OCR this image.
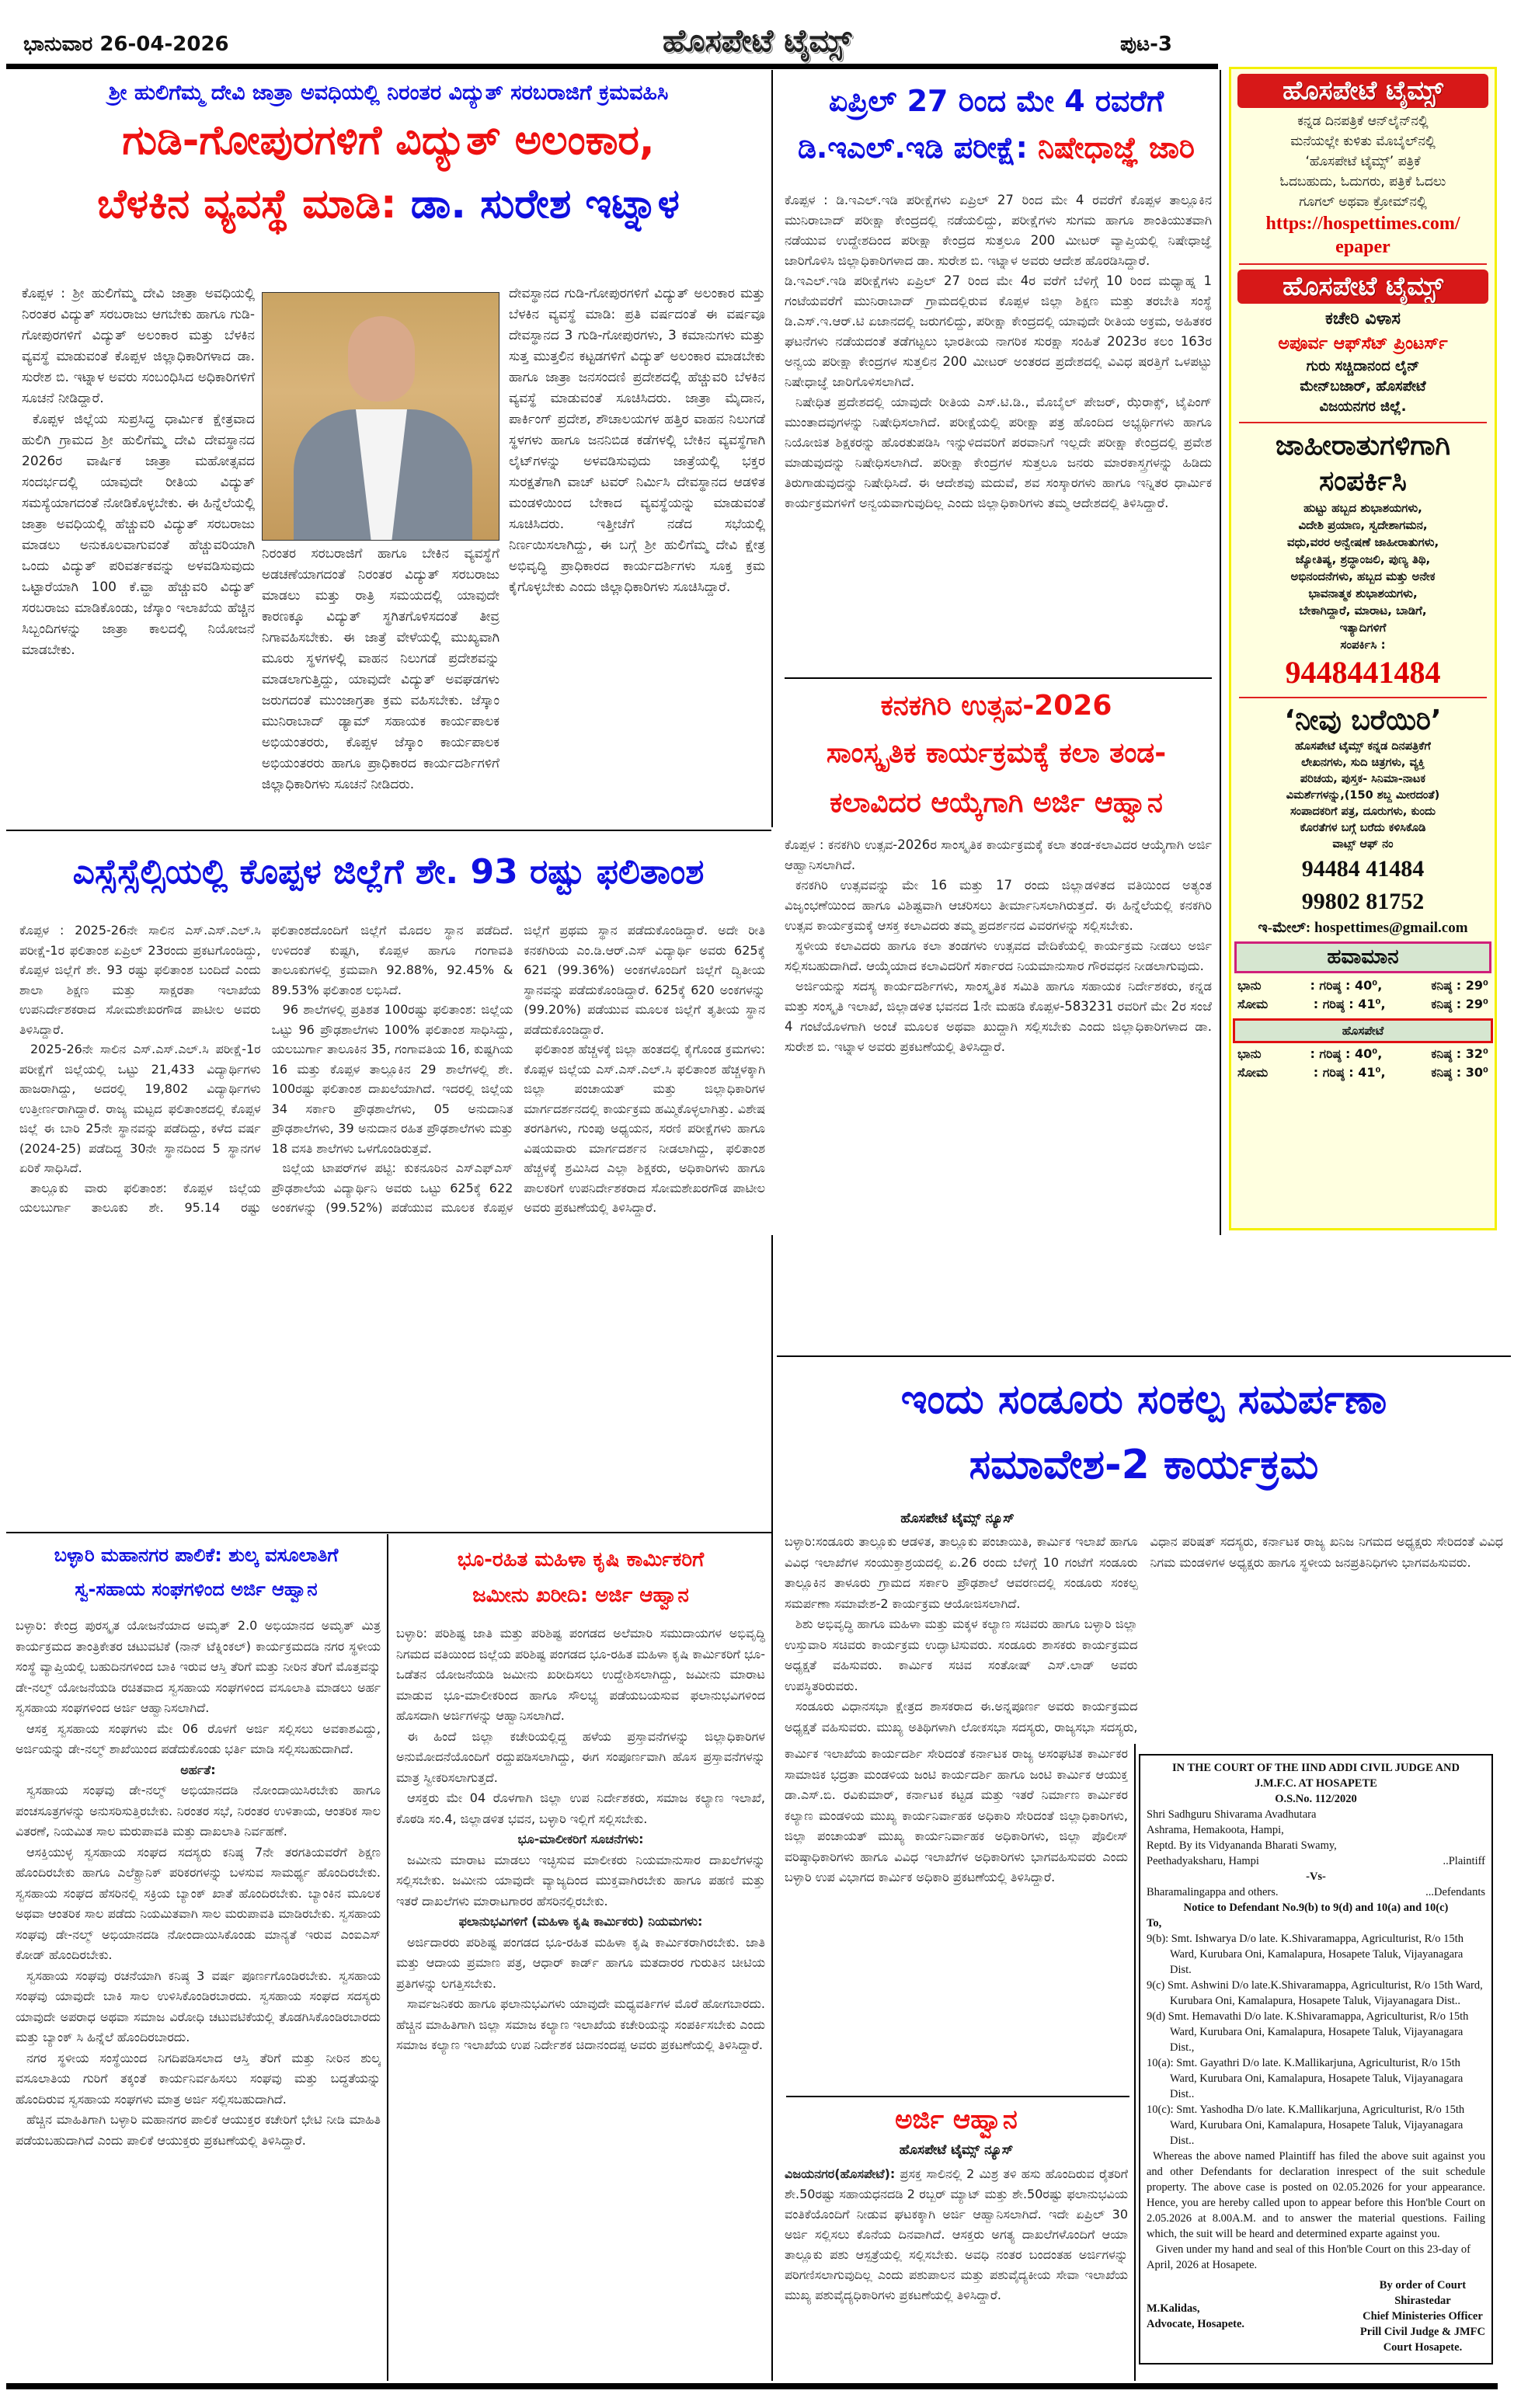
ಭಾನುವಾರ 26-04-2026	ಹೊಸಪೇಟೆ ಟೈಮ್ಸ್	ಪುಟ-3
ಶ್ರೀ ಹುಲಿಗೆಮ್ಮ ದೇವಿ ಜಾತ್ರಾ ಅವಧಿಯಲ್ಲಿ ನಿರಂತರ ವಿದ್ಯುತ್ ಸರಬರಾಜಿಗೆ ಕ್ರಮವಹಿಸಿ
ಗುಡಿ-ಗೋಪುರಗಳಿಗೆ ವಿದ್ಯುತ್ ಅಲಂಕಾರ,
ಬೆಳಕಿನ ವ್ಯವಸ್ಥೆ ಮಾಡಿ: ಡಾ. ಸುರೇಶ ಇಟ್ನಾಳ

ಕೊಪ್ಪಳ : ಶ್ರೀ ಹುಲಿಗೆಮ್ಮ ದೇವಿ ಜಾತ್ರಾ ಅವಧಿಯಲ್ಲಿ ನಿರಂತರ ವಿದ್ಯುತ್ ಸರಬರಾಜು ಆಗಬೇಕು ಹಾಗೂ ಗುಡಿ-ಗೋಪುರಗಳಿಗೆ ವಿದ್ಯುತ್ ಅಲಂಕಾರ ಮತ್ತು ಬೆಳಕಿನ ವ್ಯವಸ್ಥೆ ಮಾಡುವಂತೆ ಕೊಪ್ಪಳ ಜಿಲ್ಲಾಧಿಕಾರಿಗಳಾದ ಡಾ. ಸುರೇಶ ಬಿ. ಇಟ್ನಾಳ ಅವರು ಸಂಬಂಧಿಸಿದ ಅಧಿಕಾರಿಗಳಿಗೆ ಸೂಚನೆ ನೀಡಿದ್ದಾರೆ.

ಕೊಪ್ಪಳ ಜಿಲ್ಲೆಯ ಸುಪ್ರಸಿದ್ಧ ಧಾರ್ಮಿಕ ಕ್ಷೇತ್ರವಾದ ಹುಲಿಗಿ ಗ್ರಾಮದ ಶ್ರೀ ಹುಲಿಗೆಮ್ಮ ದೇವಿ ದೇವಸ್ಥಾನದ 2026ರ ವಾರ್ಷಿಕ ಜಾತ್ರಾ ಮಹೋತ್ಸವದ ಸಂದರ್ಭದಲ್ಲಿ ಯಾವುದೇ ರೀತಿಯ ವಿದ್ಯುತ್ ಸಮಸ್ಯೆಯಾಗದಂತೆ ನೋಡಿಕೊಳ್ಳಬೇಕು. ಈ ಹಿನ್ನೆಲೆಯಲ್ಲಿ ಜಾತ್ರಾ ಅವಧಿಯಲ್ಲಿ ಹೆಚ್ಚುವರಿ ವಿದ್ಯುತ್ ಸರಬರಾಜು ಮಾಡಲು ಅನುಕೂಲವಾಗುವಂತೆ ಹೆಚ್ಚುವರಿಯಾಗಿ ಒಂದು ವಿದ್ಯುತ್ ಪರಿವರ್ತಕವನ್ನು ಅಳವಡಿಸುವುದು ಒಟ್ಟಾರೆಯಾಗಿ 100 ಕೆ.ವ್ಹಾ ಹೆಚ್ಚುವರಿ ವಿದ್ಯುತ್ ಸರಬರಾಜು ಮಾಡಿಕೊಂಡು, ಜೆಸ್ಕಾಂ ಇಲಾಖೆಯ ಹೆಚ್ಚಿನ ಸಿಬ್ಬಂದಿಗಳನ್ನು ಜಾತ್ರಾ ಕಾಲದಲ್ಲಿ ನಿಯೋಜನೆ ಮಾಡಬೇಕು.

ನಿರಂತರ ಸರಬರಾಜಿಗೆ ಹಾಗೂ ಬೇಕಿನ ವ್ಯವಸ್ಥೆಗೆ ಅಡಚಣೆಯಾಗದಂತೆ ನಿರಂತರ ವಿದ್ಯುತ್ ಸರಬರಾಜು ಮಾಡಲು ಮತ್ತು ರಾತ್ರಿ ಸಮಯದಲ್ಲಿ ಯಾವುದೇ ಕಾರಣಕ್ಕೂ ವಿದ್ಯುತ್ ಸ್ಥಗಿತಗೊಳಿಸದಂತೆ ತೀವ್ರ ನಿಗಾವಹಿಸಬೇಕು. ಈ ಜಾತ್ರೆ ವೇಳೆಯಲ್ಲಿ ಮುಖ್ಯವಾಗಿ ಮೂರು ಸ್ಥಳಗಳಲ್ಲಿ ವಾಹನ ನಿಲುಗಡೆ ಪ್ರದೇಶವನ್ನು ಮಾಡಲಾಗುತ್ತಿದ್ದು, ಯಾವುದೇ ವಿದ್ಯುತ್ ಅವಘಡಗಳು ಜರುಗದಂತೆ ಮುಂಜಾಗ್ರತಾ ಕ್ರಮ ವಹಿಸಬೇಕು. ಜೆಸ್ಕಾಂ ಮುನಿರಾಬಾದ್ ಡ್ಯಾಮ್ ಸಹಾಯಕ ಕಾರ್ಯಪಾಲಕ ಅಭಿಯಂತರರು, ಕೊಪ್ಪಳ ಜೆಸ್ಕಾಂ ಕಾರ್ಯಪಾಲಕ ಅಭಿಯಂತರರು ಹಾಗೂ ಪ್ರಾಧಿಕಾರದ ಕಾರ್ಯದರ್ಶಿಗಳಿಗೆ ಜಿಲ್ಲಾಧಿಕಾರಿಗಳು ಸೂಚನೆ ನೀಡಿದರು.

ದೇವಸ್ಥಾನದ ಗುಡಿ-ಗೋಪುರಗಳಿಗೆ ವಿದ್ಯುತ್ ಅಲಂಕಾರ ಮತ್ತು ಬೆಳಕಿನ ವ್ಯವಸ್ಥೆ ಮಾಡಿ: ಪ್ರತಿ ವರ್ಷದಂತೆ ಈ ವರ್ಷವೂ ದೇವಸ್ಥಾನದ 3 ಗುಡಿ-ಗೋಪುರಗಳು, 3 ಕಮಾನುಗಳು ಮತ್ತು ಸುತ್ತ ಮುತ್ತಲಿನ ಕಟ್ಟಡಗಳಿಗೆ ವಿದ್ಯುತ್ ಅಲಂಕಾರ ಮಾಡಬೇಕು ಹಾಗೂ ಜಾತ್ರಾ ಜನಸಂದಣಿ ಪ್ರದೇಶದಲ್ಲಿ ಹೆಚ್ಚುವರಿ ಬೆಳಕಿನ ವ್ಯವಸ್ಥೆ ಮಾಡುವಂತೆ ಸೂಚಿಸಿದರು. ಜಾತ್ರಾ ಮೈದಾನ, ಪಾರ್ಕಿಂಗ್ ಪ್ರದೇಶ, ಶೌಚಾಲಯಗಳ ಹತ್ತಿರ ವಾಹನ ನಿಲುಗಡೆ ಸ್ಥಳಗಳು ಹಾಗೂ ಜನನಿಬಿಡ ಕಡೆಗಳಲ್ಲಿ ಬೇಕಿನ ವ್ಯವಸ್ಥೆಗಾಗಿ ಲೈಟ್‌ಗಳನ್ನು ಅಳವಡಿಸುವುದು ಜಾತ್ರೆಯಲ್ಲಿ ಭಕ್ತರ ಸುರಕ್ಷತೆಗಾಗಿ ವಾಚ್ ಟವರ್ ನಿರ್ಮಿಸಿ ದೇವಸ್ಥಾನದ ಆಡಳಿತ ಮಂಡಳಿಯಿಂದ ಬೇಕಾದ ವ್ಯವಸ್ಥೆಯನ್ನು ಮಾಡುವಂತೆ ಸೂಚಿಸಿದರು. ಇತ್ತೀಚೆಗೆ ನಡೆದ ಸಭೆಯಲ್ಲಿ ನಿರ್ಣಯಿಸಲಾಗಿದ್ದು, ಈ ಬಗ್ಗೆ ಶ್ರೀ ಹುಲಿಗೆಮ್ಮ ದೇವಿ ಕ್ಷೇತ್ರ ಅಭಿವೃದ್ಧಿ ಪ್ರಾಧಿಕಾರದ ಕಾರ್ಯದರ್ಶಿಗಳು ಸೂಕ್ತ ಕ್ರಮ ಕೈಗೊಳ್ಳಬೇಕು ಎಂದು ಜಿಲ್ಲಾಧಿಕಾರಿಗಳು ಸೂಚಿಸಿದ್ದಾರೆ.

ಏಪ್ರಿಲ್ 27 ರಿಂದ ಮೇ 4 ರವರೆಗೆ
ಡಿ.ಇಎಲ್.ಇಡಿ ಪರೀಕ್ಷೆ: ನಿಷೇಧಾಜ್ಞೆ ಜಾರಿ

ಕೊಪ್ಪಳ : ಡಿ.ಇಎಲ್.ಇಡಿ ಪರೀಕ್ಷೆಗಳು ಏಪ್ರಿಲ್ 27 ರಿಂದ ಮೇ 4 ರವರೆಗೆ ಕೊಪ್ಪಳ ತಾಲ್ಲೂಕಿನ ಮುನಿರಾಬಾದ್ ಪರೀಕ್ಷಾ ಕೇಂದ್ರದಲ್ಲಿ ನಡೆಯಲಿದ್ದು, ಪರೀಕ್ಷೆಗಳು ಸುಗಮ ಹಾಗೂ ಶಾಂತಿಯುತವಾಗಿ ನಡೆಯುವ ಉದ್ದೇಶದಿಂದ ಪರೀಕ್ಷಾ ಕೇಂದ್ರದ ಸುತ್ತಲೂ 200 ಮೀಟರ್ ವ್ಯಾಪ್ತಿಯಲ್ಲಿ ನಿಷೇಧಾಜ್ಞೆ ಜಾರಿಗೊಳಿಸಿ ಜಿಲ್ಲಾಧಿಕಾರಿಗಳಾದ ಡಾ. ಸುರೇಶ ಬಿ. ಇಟ್ನಾಳ ಅವರು ಆದೇಶ ಹೊರಡಿಸಿದ್ದಾರೆ.

ಡಿ.ಇಎಲ್.ಇಡಿ ಪರೀಕ್ಷೆಗಳು ಏಪ್ರಿಲ್ 27 ರಿಂದ ಮೇ 4ರ ವರೆಗೆ ಬೆಳಿಗ್ಗೆ 10 ರಿಂದ ಮಧ್ಯಾಹ್ನ 1 ಗಂಟೆಯವರೆಗೆ ಮುನಿರಾಬಾದ್ ಗ್ರಾಮದಲ್ಲಿರುವ ಕೊಪ್ಪಳ ಜಿಲ್ಲಾ ಶಿಕ್ಷಣ ಮತ್ತು ತರಬೇತಿ ಸಂಸ್ಥೆ ಡಿ.ಎಸ್.ಇ.ಆರ್.ಟಿ ಏಜಾನದಲ್ಲಿ ಜರುಗಲಿದ್ದು, ಪರೀಕ್ಷಾ ಕೇಂದ್ರದಲ್ಲಿ ಯಾವುದೇ ರೀತಿಯ ಅಕ್ರಮ, ಅಹಿತಕರ ಘಟನೆಗಳು ನಡೆಯದಂತೆ ತಡೆಗಟ್ಟಲು ಭಾರತೀಯ ನಾಗರಿಕ ಸುರಕ್ಷಾ ಸಂಹಿತೆ 2023ರ ಕಲಂ 163ರ ಅನ್ವಯ ಪರೀಕ್ಷಾ ಕೇಂದ್ರಗಳ ಸುತ್ತಲಿನ 200 ಮೀಟರ್ ಅಂತರದ ಪ್ರದೇಶದಲ್ಲಿ ವಿವಿಧ ಷರತ್ತಿಗೆ ಒಳಪಟ್ಟು ನಿಷೇಧಾಜ್ಞೆ ಜಾರಿಗೊಳಿಸಲಾಗಿದೆ.

ನಿಷೇಧಿತ ಪ್ರದೇಶದಲ್ಲಿ ಯಾವುದೇ ರೀತಿಯ ಎಸ್.ಟಿ.ಡಿ., ಮೊಬೈಲ್ ಪೇಜರ್, ಝೆರಾಕ್ಸ್, ಟೈಪಿಂಗ್ ಮುಂತಾದವುಗಳನ್ನು ನಿಷೇಧಿಸಲಾಗಿದೆ. ಪರೀಕ್ಷೆಯಲ್ಲಿ ಪರೀಕ್ಷಾ ಪತ್ರ ಹೊಂದಿದ ಅಭ್ಯರ್ಥಿಗಳು ಹಾಗೂ ನಿಯೋಜಿತ ಶಿಕ್ಷಕರನ್ನು ಹೊರತುಪಡಿಸಿ ಇನ್ನುಳಿದವರಿಗೆ ಪರವಾನಿಗೆ ಇಲ್ಲದೇ ಪರೀಕ್ಷಾ ಕೇಂದ್ರದಲ್ಲಿ ಪ್ರವೇಶ ಮಾಡುವುದನ್ನು ನಿಷೇಧಿಸಲಾಗಿದೆ. ಪರೀಕ್ಷಾ ಕೇಂದ್ರಗಳ ಸುತ್ತಲೂ ಜನರು ಮಾರಕಾಸ್ತ್ರಗಳನ್ನು ಹಿಡಿದು ತಿರುಗಾಡುವುದನ್ನು ನಿಷೇಧಿಸಿದೆ. ಈ ಆದೇಶವು ಮದುವೆ, ಶವ ಸಂಸ್ಕಾರಗಳು ಹಾಗೂ ಇನ್ನಿತರ ಧಾರ್ಮಿಕ ಕಾರ್ಯಕ್ರಮಗಳಿಗೆ ಅನ್ವಯವಾಗುವುದಿಲ್ಲ ಎಂದು ಜಿಲ್ಲಾಧಿಕಾರಿಗಳು ತಮ್ಮ ಆದೇಶದಲ್ಲಿ ತಿಳಿಸಿದ್ದಾರೆ.

ಕನಕಗಿರಿ ಉತ್ಸವ-2026
ಸಾಂಸ್ಕೃತಿಕ ಕಾರ್ಯಕ್ರಮಕ್ಕೆ ಕಲಾ ತಂಡ-
ಕಲಾವಿದರ ಆಯ್ಕೆಗಾಗಿ ಅರ್ಜಿ ಆಹ್ವಾನ

ಕೊಪ್ಪಳ : ಕನಕಗಿರಿ ಉತ್ಸವ-2026ರ ಸಾಂಸ್ಕೃತಿಕ ಕಾರ್ಯಕ್ರಮಕ್ಕೆ ಕಲಾ ತಂಡ-ಕಲಾವಿದರ ಆಯ್ಕೆಗಾಗಿ ಅರ್ಜಿ ಆಹ್ವಾನಿಸಲಾಗಿದೆ.

ಕನಕಗಿರಿ ಉತ್ಸವವನ್ನು ಮೇ 16 ಮತ್ತು 17 ರಂದು ಜಿಲ್ಲಾಡಳಿತದ ವತಿಯಿಂದ ಅತ್ಯಂತ ವಿಜೃಂಭಣೆಯಿಂದ ಹಾಗೂ ವಿಶಿಷ್ಟವಾಗಿ ಆಚರಿಸಲು ತೀರ್ಮಾನಿಸಲಾಗಿರುತ್ತದೆ. ಈ ಹಿನ್ನೆಲೆಯಲ್ಲಿ ಕನಕಗಿರಿ ಉತ್ಸವ ಕಾರ್ಯಕ್ರಮಕ್ಕೆ ಆಸಕ್ತ ಕಲಾವಿದರು ತಮ್ಮ ಪ್ರದರ್ಶನದ ವಿವರಗಳನ್ನು ಸಲ್ಲಿಸಬೇಕು.

ಸ್ಥಳೀಯ ಕಲಾವಿದರು ಹಾಗೂ ಕಲಾ ತಂಡಗಳು ಉತ್ಸವದ ವೇದಿಕೆಯಲ್ಲಿ ಕಾರ್ಯಕ್ರಮ ನೀಡಲು ಅರ್ಜಿ ಸಲ್ಲಿಸಬಹುದಾಗಿದೆ. ಆಯ್ಕೆಯಾದ ಕಲಾವಿದರಿಗೆ ಸರ್ಕಾರದ ನಿಯಮಾನುಸಾರ ಗೌರವಧನ ನೀಡಲಾಗುವುದು.

ಅರ್ಜಿಯನ್ನು ಸದಸ್ಯ ಕಾರ್ಯದರ್ಶಿಗಳು, ಸಾಂಸ್ಕೃತಿಕ ಸಮಿತಿ ಹಾಗೂ ಸಹಾಯಕ ನಿರ್ದೇಶಕರು, ಕನ್ನಡ ಮತ್ತು ಸಂಸ್ಕೃತಿ ಇಲಾಖೆ, ಜಿಲ್ಲಾಡಳಿತ ಭವನದ 1ನೇ ಮಹಡಿ ಕೊಪ್ಪಳ-583231 ರವರಿಗೆ ಮೇ 2ರ ಸಂಜೆ 4 ಗಂಟೆಯೊಳಗಾಗಿ ಅಂಚೆ ಮೂಲಕ ಅಥವಾ ಖುದ್ದಾಗಿ ಸಲ್ಲಿಸಬೇಕು ಎಂದು ಜಿಲ್ಲಾಧಿಕಾರಿಗಳಾದ ಡಾ. ಸುರೇಶ ಬಿ. ಇಟ್ನಾಳ ಅವರು ಪ್ರಕಟಣೆಯಲ್ಲಿ ತಿಳಿಸಿದ್ದಾರೆ.

ಹೊಸಪೇಟೆ ಟೈಮ್ಸ್
ಕನ್ನಡ ದಿನಪತ್ರಿಕೆ ಆನ್‌ಲೈನ್‌ನಲ್ಲಿ
ಮನೆಯಲ್ಲೇ ಕುಳಿತು ಮೊಬೈಲ್‌ನಲ್ಲಿ
‘ಹೊಸಪೇಟೆ ಟೈಮ್ಸ್’ ಪತ್ರಿಕೆ
ಓದಬಹುದು, ಓದುಗರು, ಪತ್ರಿಕೆ ಓದಲು
ಗೂಗಲ್ ಅಥವಾ ಕ್ರೋಮ್‌ನಲ್ಲಿ
https://hospettimes.com/
epaper
ಹೊಸಪೇಟೆ ಟೈಮ್ಸ್
ಕಚೇರಿ ವಿಳಾಸ
ಅಪೂರ್ವ ಆಫ್‌ಸೆಟ್ ಪ್ರಿಂಟರ್ಸ್
ಗುರು ಸಚ್ಚಿದಾನಂದ ಲೈನ್
ಮೇನ್‌ಬಜಾರ್, ಹೊಸಪೇಟೆ
ವಿಜಯನಗರ ಜಿಲ್ಲೆ.
ಜಾಹೀರಾತುಗಳಿಗಾಗಿ
ಸಂಪರ್ಕಿಸಿ
ಹುಟ್ಟು ಹಬ್ಬದ ಶುಭಾಶಯಗಳು,
ವಿದೇಶಿ ಪ್ರಯಾಣ, ಸ್ವದೇಶಾಗಮನ,
ವಧು,ವರರ ಅನ್ವೇಷಣೆ ಜಾಹೀರಾತುಗಳು,
ಜ್ಯೋತಿಷ್ಯ, ಶ್ರದ್ಧಾಂಜಲಿ, ಪುಣ್ಯ ತಿಥಿ,
ಅಭಿನಂದನೆಗಳು, ಹಬ್ಬದ ಮತ್ತು ಅನೇಕ
ಭಾವನಾತ್ಮಕ ಶುಭಾಶಯಗಳು,
ಬೇಕಾಗಿದ್ದಾರೆ, ಮಾರಾಟ, ಬಾಡಿಗೆ,
ಇತ್ಯಾದಿಗಳಿಗೆ
ಸಂಪರ್ಕಿಸಿ :
9448441484
‘ನೀವು ಬರೆಯಿರಿ’
ಹೊಸಪೇಟೆ ಟೈಮ್ಸ್ ಕನ್ನಡ ದಿನಪತ್ರಿಕೆಗೆ
ಲೇಖನಗಳು, ಸುದಿ ಚಿತ್ರಗಳು, ವ್ಯಕ್ತಿ
ಪರಿಚಯ, ಪುಸ್ತಕ- ಸಿನಿಮಾ-ನಾಟಕ
ವಿಮರ್ಶೆಗಳನ್ನು,(150 ಶಬ್ದ ಮೀರದಂತೆ)
ಸಂಪಾದಕರಿಗೆ ಪತ್ರ, ದೂರುಗಳು, ಕುಂದು
ಕೊರತೆಗಳ ಬಗ್ಗೆ ಬರೆದು ಕಳಿಸಿಕೊಡಿ
ವಾಟ್ಸ್ ಆಫ್ ನಂ
94484 41484
99802 81752
ಇ-ಮೇಲ್: hospettimes@gmail.com
ಹವಾಮಾನ
ಭಾನು	: ಗರಿಷ್ಠ : 40⁰,	ಕನಿಷ್ಠ : 29⁰
ಸೋಮ	: ಗರಿಷ್ಠ : 41⁰,	ಕನಿಷ್ಠ : 29⁰
ಹೊಸಪೇಟೆ
ಭಾನು	: ಗರಿಷ್ಠ : 40⁰,	ಕನಿಷ್ಠ : 32⁰
ಸೋಮ	: ಗರಿಷ್ಠ : 41⁰,	ಕನಿಷ್ಠ : 30⁰
ಎಸ್ಸೆಸ್ಸೆಲ್ಸಿಯಲ್ಲಿ ಕೊಪ್ಪಳ ಜಿಲ್ಲೆಗೆ ಶೇ. 93 ರಷ್ಟು ಫಲಿತಾಂಶ

ಕೊಪ್ಪಳ : 2025-26ನೇ ಸಾಲಿನ ಎಸ್.ಎಸ್.ಎಲ್.ಸಿ ಪರೀಕ್ಷೆ-1ರ ಫಲಿತಾಂಶ ಏಪ್ರಿಲ್ 23ರಂದು ಪ್ರಕಟಗೊಂಡಿದ್ದು, ಕೊಪ್ಪಳ ಜಿಲ್ಲೆಗೆ ಶೇ. 93 ರಷ್ಟು ಫಲಿತಾಂಶ ಬಂದಿದೆ ಎಂದು ಶಾಲಾ ಶಿಕ್ಷಣ ಮತ್ತು ಸಾಕ್ಷರತಾ ಇಲಾಖೆಯ ಉಪನಿರ್ದೇಶಕರಾದ ಸೋಮಶೇಖರಗೌಡ ಪಾಟೀಲ ಅವರು ತಿಳಿಸಿದ್ದಾರೆ.

2025-26ನೇ ಸಾಲಿನ ಎಸ್.ಎಸ್.ಎಲ್.ಸಿ ಪರೀಕ್ಷೆ-1ರ ಪರೀಕ್ಷೆಗೆ ಜಿಲ್ಲೆಯಲ್ಲಿ ಒಟ್ಟು 21,433 ವಿದ್ಯಾರ್ಥಿಗಳು ಹಾಜರಾಗಿದ್ದು, ಅದರಲ್ಲಿ 19,802 ವಿದ್ಯಾರ್ಥಿಗಳು ಉತ್ತೀರ್ಣರಾಗಿದ್ದಾರೆ. ರಾಜ್ಯ ಮಟ್ಟದ ಫಲಿತಾಂಶದಲ್ಲಿ ಕೊಪ್ಪಳ ಜಿಲ್ಲೆ ಈ ಬಾರಿ 25ನೇ ಸ್ಥಾನವನ್ನು ಪಡೆದಿದ್ದು, ಕಳೆದ ವರ್ಷ (2024-25) ಪಡೆದಿದ್ದ 30ನೇ ಸ್ಥಾನದಿಂದ 5 ಸ್ಥಾನಗಳ ಏರಿಕೆ ಸಾಧಿಸಿದೆ.

ತಾಲ್ಲೂಕು ವಾರು ಫಲಿತಾಂಶ: ಕೊಪ್ಪಳ ಜಿಲ್ಲೆಯ ಯಲಬುರ್ಗಾ ತಾಲೂಕು ಶೇ. 95.14 ರಷ್ಟು ಫಲಿತಾಂಶದೊಂದಿಗೆ ಜಿಲ್ಲೆಗೆ ಮೊದಲ ಸ್ಥಾನ ಪಡೆದಿದೆ. ಉಳಿದಂತೆ ಕುಷ್ಟಗಿ, ಕೊಪ್ಪಳ ಹಾಗೂ ಗಂಗಾವತಿ ತಾಲೂಕುಗಳಲ್ಲಿ ಕ್ರಮವಾಗಿ 92.88%, 92.45% & 89.53% ಫಲಿತಾಂಶ ಲಭಿಸಿದೆ.

96 ಶಾಲೆಗಳಲ್ಲಿ ಪ್ರತಿಶತ 100ರಷ್ಟು ಫಲಿತಾಂಶ: ಜಿಲ್ಲೆಯ ಒಟ್ಟು 96 ಪ್ರೌಢಶಾಲೆಗಳು 100% ಫಲಿತಾಂಶ ಸಾಧಿಸಿದ್ದು, ಯಲಬುರ್ಗಾ ತಾಲೂಕಿನ 35, ಗಂಗಾವತಿಯ 16, ಕುಷ್ಟಗಿಯ 16 ಮತ್ತು ಕೊಪ್ಪಳ ತಾಲ್ಲೂಕಿನ 29 ಶಾಲೆಗಳಲ್ಲಿ ಶೇ. 100ರಷ್ಟು ಫಲಿತಾಂಶ ದಾಖಲೆಯಾಗಿದೆ. ಇದರಲ್ಲಿ ಜಿಲ್ಲೆಯ 34 ಸರ್ಕಾರಿ ಪ್ರೌಢಶಾಲೆಗಳು, 05 ಅನುದಾನಿತ ಪ್ರೌಢಶಾಲೆಗಳು, 39 ಅನುದಾನ ರಹಿತ ಪ್ರೌಢಶಾಲೆಗಳು ಮತ್ತು 18 ವಸತಿ ಶಾಲೆಗಳು ಒಳಗೊಂಡಿರುತ್ತವೆ.

ಜಿಲ್ಲೆಯ ಟಾಪರ್‌ಗಳ ಪಟ್ಟಿ: ಕುಕನೂರಿನ ಎಸ್‌ಎಫ್‌ಎಸ್ ಪ್ರೌಢಶಾಲೆಯ ವಿದ್ಯಾರ್ಥಿನಿ ಅವರು ಒಟ್ಟು 625ಕ್ಕೆ 622 ಅಂಕಗಳನ್ನು (99.52%) ಪಡೆಯುವ ಮೂಲಕ ಕೊಪ್ಪಳ ಜಿಲ್ಲೆಗೆ ಪ್ರಥಮ ಸ್ಥಾನ ಪಡೆದುಕೊಂಡಿದ್ದಾರೆ. ಅದೇ ರೀತಿ ಕನಕಗಿರಿಯ ಎಂ.ಡಿ.ಆರ್.ಎಸ್ ವಿದ್ಯಾರ್ಥಿ ಅವರು 625ಕ್ಕೆ 621 (99.36%) ಅಂಕಗಳೊಂದಿಗೆ ಜಿಲ್ಲೆಗೆ ದ್ವಿತೀಯ ಸ್ಥಾನವನ್ನು ಪಡೆದುಕೊಂಡಿದ್ದಾರೆ. 625ಕ್ಕೆ 620 ಅಂಕಗಳನ್ನು (99.20%) ಪಡೆಯುವ ಮೂಲಕ ಜಿಲ್ಲೆಗೆ ತೃತೀಯ ಸ್ಥಾನ ಪಡೆದುಕೊಂಡಿದ್ದಾರೆ.

ಫಲಿತಾಂಶ ಹೆಚ್ಚಳಕ್ಕೆ ಜಿಲ್ಲಾ ಹಂತದಲ್ಲಿ ಕೈಗೊಂಡ ಕ್ರಮಗಳು: ಕೊಪ್ಪಳ ಜಿಲ್ಲೆಯ ಎಸ್.ಎಸ್.ಎಲ್.ಸಿ ಫಲಿತಾಂಶ ಹೆಚ್ಚಳಕ್ಕಾಗಿ ಜಿಲ್ಲಾ ಪಂಚಾಯತ್ ಮತ್ತು ಜಿಲ್ಲಾಧಿಕಾರಿಗಳ ಮಾರ್ಗದರ್ಶನದಲ್ಲಿ ಕಾರ್ಯಕ್ರಮ ಹಮ್ಮಿಕೊಳ್ಳಲಾಗಿತ್ತು. ವಿಶೇಷ ತರಗತಿಗಳು, ಗುಂಪು ಅಧ್ಯಯನ, ಸರಣಿ ಪರೀಕ್ಷೆಗಳು ಹಾಗೂ ವಿಷಯವಾರು ಮಾರ್ಗದರ್ಶನ ನೀಡಲಾಗಿದ್ದು, ಫಲಿತಾಂಶ ಹೆಚ್ಚಳಕ್ಕೆ ಶ್ರಮಿಸಿದ ಎಲ್ಲಾ ಶಿಕ್ಷಕರು, ಅಧಿಕಾರಿಗಳು ಹಾಗೂ ಪಾಲಕರಿಗೆ ಉಪನಿರ್ದೇಶಕರಾದ ಸೋಮಶೇಖರಗೌಡ ಪಾಟೀಲ ಅವರು ಪ್ರಕಟಣೆಯಲ್ಲಿ ತಿಳಿಸಿದ್ದಾರೆ.

ಬಳ್ಳಾರಿ ಮಹಾನಗರ ಪಾಲಿಕೆ: ಶುಲ್ಕ ವಸೂಲಾತಿಗೆ
ಸ್ವ-ಸಹಾಯ ಸಂಘಗಳಿಂದ ಅರ್ಜಿ ಆಹ್ವಾನ

ಬಳ್ಳಾರಿ: ಕೇಂದ್ರ ಪುರಸ್ಕೃತ ಯೋಜನೆಯಾದ ಅಮೃತ್ 2.0 ಅಭಿಯಾನದ ಅಮೃತ್ ಮಿತ್ರ ಕಾರ್ಯಕ್ರಮದ ತಾಂತ್ರಿಕೇತರ ಚಟುವಟಿಕೆ (ನಾನ್ ಟೆಕ್ನಿಂಕಲ್) ಕಾರ್ಯಕ್ರಮದಡಿ ನಗರ ಸ್ಥಳೀಯ ಸಂಸ್ಥೆ ವ್ಯಾಪ್ತಿಯಲ್ಲಿ ಬಹುದಿನಗಳಿಂದ ಬಾಕಿ ಇರುವ ಆಸ್ತಿ ತೆರಿಗೆ ಮತ್ತು ನೀರಿನ ತೆರಿಗೆ ಮೊತ್ತವನ್ನು ಡೇ-ನಲ್ಮ್ ಯೋಜನೆಯಡಿ ರಚಿತವಾದ ಸ್ವಸಹಾಯ ಸಂಘಗಳಿಂದ ವಸೂಲಾತಿ ಮಾಡಲು ಅರ್ಹ ಸ್ವಸಹಾಯ ಸಂಘಗಳಿಂದ ಅರ್ಜಿ ಆಹ್ವಾನಿಸಲಾಗಿದೆ.

ಆಸಕ್ತ ಸ್ವಸಹಾಯ ಸಂಘಗಳು ಮೇ 06 ರೊಳಗೆ ಅರ್ಜಿ ಸಲ್ಲಿಸಲು ಅವಕಾಶವಿದ್ದು, ಅರ್ಜಿಯನ್ನು ಡೇ-ನಲ್ಮ್ ಶಾಖೆಯಿಂದ ಪಡೆದುಕೊಂಡು ಭರ್ತಿ ಮಾಡಿ ಸಲ್ಲಿಸಬಹುದಾಗಿದೆ.

ಅರ್ಹತೆ:

ಸ್ವಸಹಾಯ ಸಂಘವು ಡೇ-ನಲ್ಮ್ ಅಭಿಯಾನದಡಿ ನೋಂದಾಯಿಸಿರಬೇಕು ಹಾಗೂ ಪಂಚಸೂತ್ರಗಳನ್ನು ಅನುಸರಿಸುತ್ತಿರಬೇಕು. ನಿರಂತರ ಸಭೆ, ನಿರಂತರ ಉಳಿತಾಯ, ಆಂತರಿಕ ಸಾಲ ವಿತರಣೆ, ನಿಯಮಿತ ಸಾಲ ಮರುಪಾವತಿ ಮತ್ತು ದಾಖಲಾತಿ ನಿರ್ವಹಣೆ.

ಆಸಕ್ತಿಯುಳ್ಳ ಸ್ವಸಹಾಯ ಸಂಘದ ಸದಸ್ಯರು ಕನಿಷ್ಠ 7ನೇ ತರಗತಿಯವರೆಗೆ ಶಿಕ್ಷಣ ಹೊಂದಿರಬೇಕು ಹಾಗೂ ಎಲೆಕ್ಟ್ರಾನಿಕ್ ಪರಿಕರಗಳನ್ನು ಬಳಸುವ ಸಾಮರ್ಥ್ಯ ಹೊಂದಿರಬೇಕು. ಸ್ವಸಹಾಯ ಸಂಘದ ಹೆಸರಿನಲ್ಲಿ ಸಕ್ರಿಯ ಬ್ಯಾಂಕ್ ಖಾತೆ ಹೊಂದಿರಬೇಕು. ಬ್ಯಾಂಕಿನ ಮೂಲಕ ಅಥವಾ ಆಂತರಿಕ ಸಾಲ ಪಡೆದು ನಿಯಮಿತವಾಗಿ ಸಾಲ ಮರುಪಾವತಿ ಮಾಡಿರಬೇಕು. ಸ್ವಸಹಾಯ ಸಂಘವು ಡೇ-ನಲ್ಮ್ ಅಭಿಯಾನದಡಿ ನೋಂದಾಯಿಸಿಕೊಂಡು ಮಾನ್ಯತೆ ಇರುವ ಎಂಐಎಸ್ ಕೋಡ್ ಹೊಂದಿರಬೇಕು.

ಸ್ವಸಹಾಯ ಸಂಘವು ರಚನೆಯಾಗಿ ಕನಿಷ್ಠ 3 ವರ್ಷ ಪೂರ್ಣಗೊಂಡಿರಬೇಕು. ಸ್ವಸಹಾಯ ಸಂಘವು ಯಾವುದೇ ಬಾಕಿ ಸಾಲ ಉಳಿಸಿಕೊಂಡಿರಬಾರದು. ಸ್ವಸಹಾಯ ಸಂಘದ ಸದಸ್ಯರು ಯಾವುದೇ ಅಪರಾಧ ಅಥವಾ ಸಮಾಜ ವಿರೋಧಿ ಚಟುವಟಿಕೆಯಲ್ಲಿ ತೊಡಗಿಸಿಕೊಂಡಿರಬಾರದು ಮತ್ತು ಬ್ಯಾಂಕ್ ಸಿ ಹಿನ್ನೆಲೆ ಹೊಂದಿರಬಾರದು.

ನಗರ ಸ್ಥಳೀಯ ಸಂಸ್ಥೆಯಿಂದ ನಿಗದಿಪಡಿಸಲಾದ ಆಸ್ತಿ ತೆರಿಗೆ ಮತ್ತು ನೀರಿನ ಶುಲ್ಕ ವಸೂಲಾತಿಯ ಗುರಿಗೆ ತಕ್ಕಂತೆ ಕಾರ್ಯನಿರ್ವಹಿಸಲು ಸಂಘವು ಮತ್ತು ಬದ್ಧತೆಯನ್ನು ಹೊಂದಿರುವ ಸ್ವಸಹಾಯ ಸಂಘಗಳು ಮಾತ್ರ ಅರ್ಜಿ ಸಲ್ಲಿಸಬಹುದಾಗಿದೆ.

ಹೆಚ್ಚಿನ ಮಾಹಿತಿಗಾಗಿ ಬಳ್ಳಾರಿ ಮಹಾನಗರ ಪಾಲಿಕೆ ಆಯುಕ್ತರ ಕಚೇರಿಗೆ ಭೇಟಿ ನೀಡಿ ಮಾಹಿತಿ ಪಡೆಯಬಹುದಾಗಿದೆ ಎಂದು ಪಾಲಿಕೆ ಆಯುಕ್ತರು ಪ್ರಕಟಣೆಯಲ್ಲಿ ತಿಳಿಸಿದ್ದಾರೆ.

ಭೂ-ರಹಿತ ಮಹಿಳಾ ಕೃಷಿ ಕಾರ್ಮಿಕರಿಗೆ
ಜಮೀನು ಖರೀದಿ: ಅರ್ಜಿ ಆಹ್ವಾನ

ಬಳ್ಳಾರಿ: ಪರಿಶಿಷ್ಟ ಜಾತಿ ಮತ್ತು ಪರಿಶಿಷ್ಟ ಪಂಗಡದ ಅಲೆಮಾರಿ ಸಮುದಾಯಗಳ ಅಭಿವೃದ್ಧಿ ನಿಗಮದ ವತಿಯಿಂದ ಜಿಲ್ಲೆಯ ಪರಿಶಿಷ್ಟ ಪಂಗಡದ ಭೂ-ರಹಿತ ಮಹಿಳಾ ಕೃಷಿ ಕಾರ್ಮಿಕರಿಗೆ ಭೂ-ಒಡೆತನ ಯೋಜನೆಯಡಿ ಜಮೀನು ಖರೀದಿಸಲು ಉದ್ದೇಶಿಸಲಾಗಿದ್ದು, ಜಮೀನು ಮಾರಾಟ ಮಾಡುವ ಭೂ-ಮಾಲೀಕರಿಂದ ಹಾಗೂ ಸೌಲಭ್ಯ ಪಡೆಯಬಯಸುವ ಫಲಾನುಭವಿಗಳಿಂದ ಹೊಸದಾಗಿ ಅರ್ಜಿಗಳನ್ನು ಆಹ್ವಾನಿಸಲಾಗಿದೆ.

ಈ ಹಿಂದೆ ಜಿಲ್ಲಾ ಕಚೇರಿಯಲ್ಲಿದ್ದ ಹಳೆಯ ಪ್ರಸ್ತಾವನೆಗಳನ್ನು ಜಿಲ್ಲಾಧಿಕಾರಿಗಳ ಅನುಮೋದನೆಯೊಂದಿಗೆ ರದ್ದುಪಡಿಸಲಾಗಿದ್ದು, ಈಗ ಸಂಪೂರ್ಣವಾಗಿ ಹೊಸ ಪ್ರಸ್ತಾವನೆಗಳನ್ನು ಮಾತ್ರ ಸ್ವೀಕರಿಸಲಾಗುತ್ತದೆ.

ಆಸಕ್ತರು ಮೇ 04 ರೊಳಗಾಗಿ ಜಿಲ್ಲಾ ಉಪ ನಿರ್ದೇಶಕರು, ಸಮಾಜ ಕಲ್ಯಾಣ ಇಲಾಖೆ, ಕೊಠಡಿ ಸಂ.4, ಜಿಲ್ಲಾಡಳಿತ ಭವನ, ಬಳ್ಳಾರಿ ಇಲ್ಲಿಗೆ ಸಲ್ಲಿಸಬೇಕು.

ಭೂ-ಮಾಲೀಕರಿಗೆ ಸೂಚನೆಗಳು:

ಜಮೀನು ಮಾರಾಟ ಮಾಡಲು ಇಚ್ಛಿಸುವ ಮಾಲೀಕರು ನಿಯಮಾನುಸಾರ ದಾಖಲೆಗಳನ್ನು ಸಲ್ಲಿಸಬೇಕು. ಜಮೀನು ಯಾವುದೇ ವ್ಯಾಜ್ಯದಿಂದ ಮುಕ್ತವಾಗಿರಬೇಕು ಹಾಗೂ ಪಹಣಿ ಮತ್ತು ಇತರೆ ದಾಖಲೆಗಳು ಮಾರಾಟಗಾರರ ಹೆಸರಿನಲ್ಲಿರಬೇಕು.

ಫಲಾನುಭವಿಗಳಿಗೆ (ಮಹಿಳಾ ಕೃಷಿ ಕಾರ್ಮಿಕರು) ನಿಯಮಗಳು:

ಅರ್ಜಿದಾರರು ಪರಿಶಿಷ್ಟ ಪಂಗಡದ ಭೂ-ರಹಿತ ಮಹಿಳಾ ಕೃಷಿ ಕಾರ್ಮಿಕರಾಗಿರಬೇಕು. ಜಾತಿ ಮತ್ತು ಆದಾಯ ಪ್ರಮಾಣ ಪತ್ರ, ಆಧಾರ್ ಕಾರ್ಡ್ ಹಾಗೂ ಮತದಾರರ ಗುರುತಿನ ಚೀಟಿಯ ಪ್ರತಿಗಳನ್ನು ಲಗತ್ತಿಸಬೇಕು.

ಸಾರ್ವಜನಿಕರು ಹಾಗೂ ಫಲಾನುಭವಿಗಳು ಯಾವುದೇ ಮಧ್ಯವರ್ತಿಗಳ ಮೊರೆ ಹೋಗಬಾರದು. ಹೆಚ್ಚಿನ ಮಾಹಿತಿಗಾಗಿ ಜಿಲ್ಲಾ ಸಮಾಜ ಕಲ್ಯಾಣ ಇಲಾಖೆಯ ಕಚೇರಿಯನ್ನು ಸಂಪರ್ಕಿಸಬೇಕು ಎಂದು ಸಮಾಜ ಕಲ್ಯಾಣ ಇಲಾಖೆಯ ಉಪ ನಿರ್ದೇಶಕ ಚಿದಾನಂದಪ್ಪ ಅವರು ಪ್ರಕಟಣೆಯಲ್ಲಿ ತಿಳಿಸಿದ್ದಾರೆ.

ಇಂದು ಸಂಡೂರು ಸಂಕಲ್ಪ ಸಮರ್ಪಣಾ
ಸಮಾವೇಶ-2 ಕಾರ್ಯಕ್ರಮ
ಹೊಸಪೇಟೆ ಟೈಮ್ಸ್ ನ್ಯೂಸ್

ಬಳ್ಳಾರಿ:ಸಂಡೂರು ತಾಲ್ಲೂಕು ಆಡಳಿತ, ತಾಲ್ಲೂಕು ಪಂಚಾಯಿತಿ, ಕಾರ್ಮಿಕ ಇಲಾಖೆ ಹಾಗೂ ವಿವಿಧ ಇಲಾಖೆಗಳ ಸಂಯುಕ್ತಾಶ್ರಯದಲ್ಲಿ ಏ.26 ರಂದು ಬೆಳಿಗ್ಗೆ 10 ಗಂಟೆಗೆ ಸಂಡೂರು ತಾಲ್ಲೂಕಿನ ತಾಳೂರು ಗ್ರಾಮದ ಸರ್ಕಾರಿ ಪ್ರೌಢಶಾಲೆ ಆವರಣದಲ್ಲಿ ಸಂಡೂರು ಸಂಕಲ್ಪ ಸಮರ್ಪಣಾ ಸಮಾವೇಶ-2 ಕಾರ್ಯಕ್ರಮ ಆಯೋಜಿಸಲಾಗಿದೆ.

ಶಿಶು ಅಭಿವೃದ್ಧಿ ಹಾಗೂ ಮಹಿಳಾ ಮತ್ತು ಮಕ್ಕಳ ಕಲ್ಯಾಣ ಸಚಿವರು ಹಾಗೂ ಬಳ್ಳಾರಿ ಜಿಲ್ಲಾ ಉಸ್ತುವಾರಿ ಸಚಿವರು ಕಾರ್ಯಕ್ರಮ ಉದ್ಘಾಟಿಸುವರು. ಸಂಡೂರು ಶಾಸಕರು ಕಾರ್ಯಕ್ರಮದ ಅಧ್ಯಕ್ಷತೆ ವಹಿಸುವರು. ಕಾರ್ಮಿಕ ಸಚಿವ ಸಂತೋಷ್ ಎಸ್.ಲಾಡ್ ಅವರು ಉಪಸ್ಥಿತರಿರುವರು.

ಸಂಡೂರು ವಿಧಾನಸಭಾ ಕ್ಷೇತ್ರದ ಶಾಸಕರಾದ ಈ.ಅನ್ನಪೂರ್ಣ ಅವರು ಕಾರ್ಯಕ್ರಮದ ಅಧ್ಯಕ್ಷತೆ ವಹಿಸುವರು. ಮುಖ್ಯ ಅತಿಥಿಗಳಾಗಿ ಲೋಕಸಭಾ ಸದಸ್ಯರು, ರಾಜ್ಯಸಭಾ ಸದಸ್ಯರು, ವಿಧಾನ ಪರಿಷತ್ ಸದಸ್ಯರು, ಕರ್ನಾಟಕ ರಾಜ್ಯ ಖನಿಜ ನಿಗಮದ ಅಧ್ಯಕ್ಷರು ಸೇರಿದಂತೆ ವಿವಿಧ ನಿಗಮ ಮಂಡಳಿಗಳ ಅಧ್ಯಕ್ಷರು ಹಾಗೂ ಸ್ಥಳೀಯ ಜನಪ್ರತಿನಿಧಿಗಳು ಭಾಗವಹಿಸುವರು.

ಕಾರ್ಮಿಕ ಇಲಾಖೆಯ ಕಾರ್ಯದರ್ಶಿ ಸೇರಿದಂತೆ ಕರ್ನಾಟಕ ರಾಜ್ಯ ಅಸಂಘಟಿತ ಕಾರ್ಮಿಕರ ಸಾಮಾಜಿಕ ಭದ್ರತಾ ಮಂಡಳಿಯ ಜಂಟಿ ಕಾರ್ಯದರ್ಶಿ ಹಾಗೂ ಜಂಟಿ ಕಾರ್ಮಿಕ ಆಯುಕ್ತ ಡಾ.ಎಸ್.ಬಿ. ರವಿಕುಮಾರ್, ಕರ್ನಾಟಕ ಕಟ್ಟಡ ಮತ್ತು ಇತರೆ ನಿರ್ಮಾಣ ಕಾರ್ಮಿಕರ ಕಲ್ಯಾಣ ಮಂಡಳಿಯ ಮುಖ್ಯ ಕಾರ್ಯನಿರ್ವಾಹಕ ಅಧಿಕಾರಿ ಸೇರಿದಂತೆ ಜಿಲ್ಲಾಧಿಕಾರಿಗಳು, ಜಿಲ್ಲಾ ಪಂಚಾಯತ್ ಮುಖ್ಯ ಕಾರ್ಯನಿರ್ವಾಹಕ ಅಧಿಕಾರಿಗಳು, ಜಿಲ್ಲಾ ಪೊಲೀಸ್ ವರಿಷ್ಠಾಧಿಕಾರಿಗಳು ಹಾಗೂ ವಿವಿಧ ಇಲಾಖೆಗಳ ಅಧಿಕಾರಿಗಳು ಭಾಗವಹಿಸುವರು ಎಂದು ಬಳ್ಳಾರಿ ಉಪ ವಿಭಾಗದ ಕಾರ್ಮಿಕ ಅಧಿಕಾರಿ ಪ್ರಕಟಣೆಯಲ್ಲಿ ತಿಳಿಸಿದ್ದಾರೆ.

ಅರ್ಜಿ ಆಹ್ವಾನ
ಹೊಸಪೇಟೆ ಟೈಮ್ಸ್ ನ್ಯೂಸ್

ವಿಜಯನಗರ(ಹೊಸಪೇಟೆ): ಪ್ರಸಕ್ತ ಸಾಲಿನಲ್ಲಿ 2 ಮಿಶ್ರ ತಳಿ ಹಸು ಹೊಂದಿರುವ ರೈತರಿಗೆ ಶೇ.50ರಷ್ಟು ಸಹಾಯಧನದಡಿ 2 ರಬ್ಬರ್ ಮ್ಯಾಟ್ ಮತ್ತು ಶೇ.50ರಷ್ಟು ಫಲಾನುಭವಿಯ ವಂತಿಕೆಯೊಂದಿಗೆ ನೀಡುವ ಘಟಕಕ್ಕಾಗಿ ಅರ್ಜಿ ಆಹ್ವಾನಿಸಲಾಗಿದೆ. ಇದೇ ಏಪ್ರಿಲ್ 30 ಅರ್ಜಿ ಸಲ್ಲಿಸಲು ಕೊನೆಯ ದಿನವಾಗಿದೆ. ಆಸಕ್ತರು ಅಗತ್ಯ ದಾಖಲೆಗಳೊಂದಿಗೆ ಆಯಾ ತಾಲ್ಲೂಕು ಪಶು ಆಸ್ಪತ್ರೆಯಲ್ಲಿ ಸಲ್ಲಿಸಬೇಕು. ಅವಧಿ ನಂತರ ಬಂದಂತಹ ಅರ್ಜಿಗಳನ್ನು ಪರಿಗಣಿಸಲಾಗುವುದಿಲ್ಲ ಎಂದು ಪಶುಪಾಲನ ಮತ್ತು ಪಶುವೈದ್ಯಕೀಯ ಸೇವಾ ಇಲಾಖೆಯ ಮುಖ್ಯ ಪಶುವೈದ್ಯಧಿಕಾರಿಗಳು ಪ್ರಕಟಣೆಯಲ್ಲಿ ತಿಳಿಸಿದ್ದಾರೆ.

IN THE COURT OF THE IIND ADDI CIVIL JUDGE AND
J.M.F.C. AT HOSAPETE
O.S.No. 112/2020
Shri Sadhguru Shivarama Avadhutara
Ashrama, Hemakoota, Hampi,
Reptd. By its Vidyananda Bharati Swamy,
Peethadyaksharu, Hampi	..Plaintiff
-Vs-
Bharamalingappa and others.	...Defendants
Notice to Defendant No.9(b) to 9(d) and 10(a) and 10(c)
To,
9(b): Smt. Ishwarya D/o late. K.Shivaramappa, Agriculturist, R/o 15th Ward, Kurubara Oni, Kamalapura, Hosapete Taluk, Vijayanagara Dist.
9(c) Smt. Ashwini D/o late.K.Shivaramappa, Agriculturist, R/o 15th Ward, Kurubara Oni, Kamalapura, Hosapete Taluk, Vijayanagara Dist..
9(d) Smt. Hemavathi D/o late. K.Shivaramappa, Agriculturist, R/o 15th Ward, Kurubara Oni, Kamalapura, Hosapete Taluk, Vijayanagara Dist.,
10(a): Smt. Gayathri D/o late. K.Mallikarjuna, Agriculturist, R/o 15th Ward, Kurubara Oni, Kamalapura, Hosapete Taluk, Vijayanagara Dist..
10(c): Smt. Yashodha D/o late. K.Mallikarjuna, Agriculturist, R/o 15th Ward, Kurubara Oni, Kamalapura, Hosapete Taluk, Vijayanagara Dist..
Whereas the above named Plaintiff has filed the above suit against you and other Defendants for declaration inrespect of the suit schedule property. The above case is posted on 02.05.2026 for your appearance. Hence, you are hereby called upon to appear before this Hon'ble Court on 2.05.2026 at 8.00A.M. and to answer the material questions. Failing which, the suit will be heard and determined exparte against you.
Given under my hand and seal of this Hon'ble Court on this 23-day of April, 2026 at Hosapete.
M.Kalidas,
Advocate, Hosapete.
By order of Court
Shirastedar
Chief Ministeries Officer
Prill Civil Judge & JMFC
Court Hosapete.
